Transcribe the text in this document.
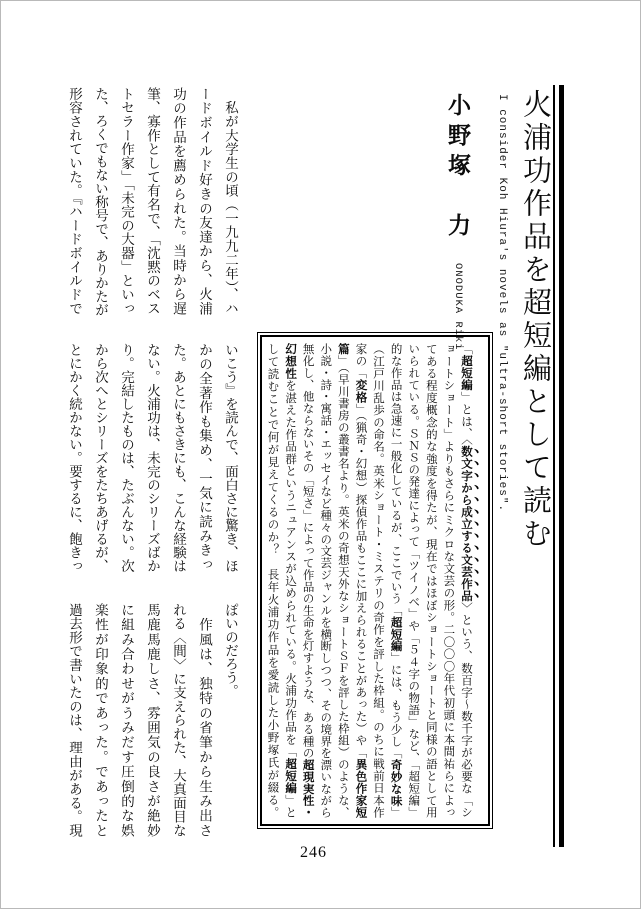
火浦功作品を超短編として読む
I consider Koh Hiura's novels as "ultra-short stories".
小野塚　力 ONODUKA Riki
　私が大学生の頃（一九九二年）、ハ
ードボイルド好きの友達から、火浦
功の作品を薦められた。当時から遅
筆、寡作として有名で、「沈黙のベス
トセラー作家」「未完の大器」といっ
た、ろくでもない称号で、ありかたが
形容されていた。『ハードボイルドで
いこう』を読んで、面白さに驚き、ほ
かの全著作も集め、一気に読みきっ
た。あとにもさきにも、こんな経験は
ない。火浦功は、未完のシリーズばか
り。完結したものは、たぶんない。次
から次へとシリーズをたちあげるが、
とにかく続かない。要するに、飽きっ
ぽいのだろう。
　作風は、独特の省筆から生み出さ
れる〈間〉に支えられた、大真面目な
馬鹿馬鹿しさ、雰囲気の良さが絶妙
に組み合わせがうみだす圧倒的な娯
楽性が印象的であった。であったと
過去形で書いたのは、理由がある。現
「超短編」とは、〈数文字から成立する文芸作品〉という、数百字〜数千字が必要な「シ
ョートショート」よりもさらにミクロな文芸の形。二〇〇〇年代初頭に本間祐らによっ
てある程度概念的な強度を得たが、現在ではほぼショートショートと同様の語として用
いられている。ＳＮＳの発達によって「ツイノベ」や「５４字の物語」など、「超短編」
的な作品は急速に一般化しているが、ここでいう「超短編」には、もう少し「奇妙な味」
（江戸川乱歩の命名。英米ショート・ミステリの奇作を評した枠組。のちに戦前日本作
家の「変格」（猟奇・幻想）探偵作品もここに加えられることがあった）や「異色作家短
篇」（早川書房の叢書名より。英米の奇想天外なショートＳＦを評した枠組）のような、
小説・詩・寓話・エッセイなど種々の文芸ジャンルを横断しつつ、その境界を漂いながら
無化し、他ならないその「短さ」によって作品の生命を灯すような、ある種の超現実性・
幻想性を湛えた作品群というニュアンスが込められている。火浦功作品を「超短編」と
して読むことで何が見えてくるのか？　長年火浦功作品を愛読した小野塚氏が綴る。
246
